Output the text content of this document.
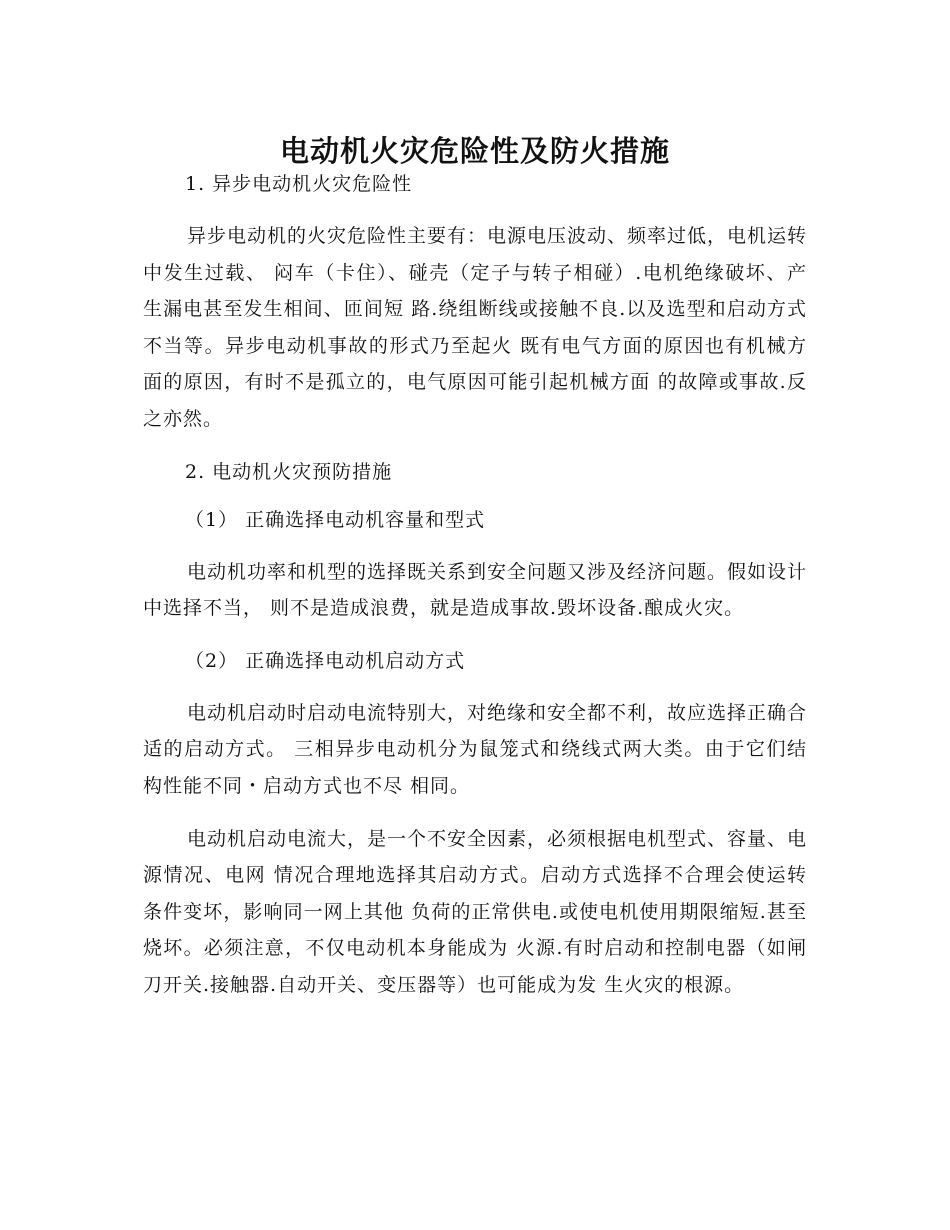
电动机火灾危险性及防火措施

1. 异步电动机火灾危险性

异步电动机的火灾危险性主要有：电源电压波动、频率过低，电机运转中发生过载、 闷车（卡住）、碰壳（定子与转子相碰）.电机绝缘破坏、产生漏电甚至发生相间、匝间短 路.绕组断线或接触不良.以及选型和启动方式不当等。异步电动机事故的形式乃至起火 既有电气方面的原因也有机械方面的原因，有时不是孤立的，电气原因可能引起机械方面 的故障或事故.反之亦然。

2. 电动机火灾预防措施

（1） 正确选择电动机容量和型式

电动机功率和机型的选择既关系到安全问题又涉及经济问题。假如设计中选择不当， 则不是造成浪费，就是造成事故.毁坏设备.酿成火灾。

（2） 正确选择电动机启动方式

电动机启动时启动电流特别大，对绝缘和安全都不利，故应选择正确合适的启动方式。 三相异步电动机分为鼠笼式和绕线式两大类。由于它们结构性能不同・启动方式也不尽 相同。

电动机启动电流大，是一个不安全因素，必须根据电机型式、容量、电源情况、电网 情况合理地选择其启动方式。启动方式选择不合理会使运转条件变坏，影响同一网上其他 负荷的正常供电.或使电机使用期限缩短.甚至烧坏。必须注意，不仅电动机本身能成为 火源.有时启动和控制电器（如闸刀开关.接触器.自动开关、变压器等）也可能成为发 生火灾的根源。
